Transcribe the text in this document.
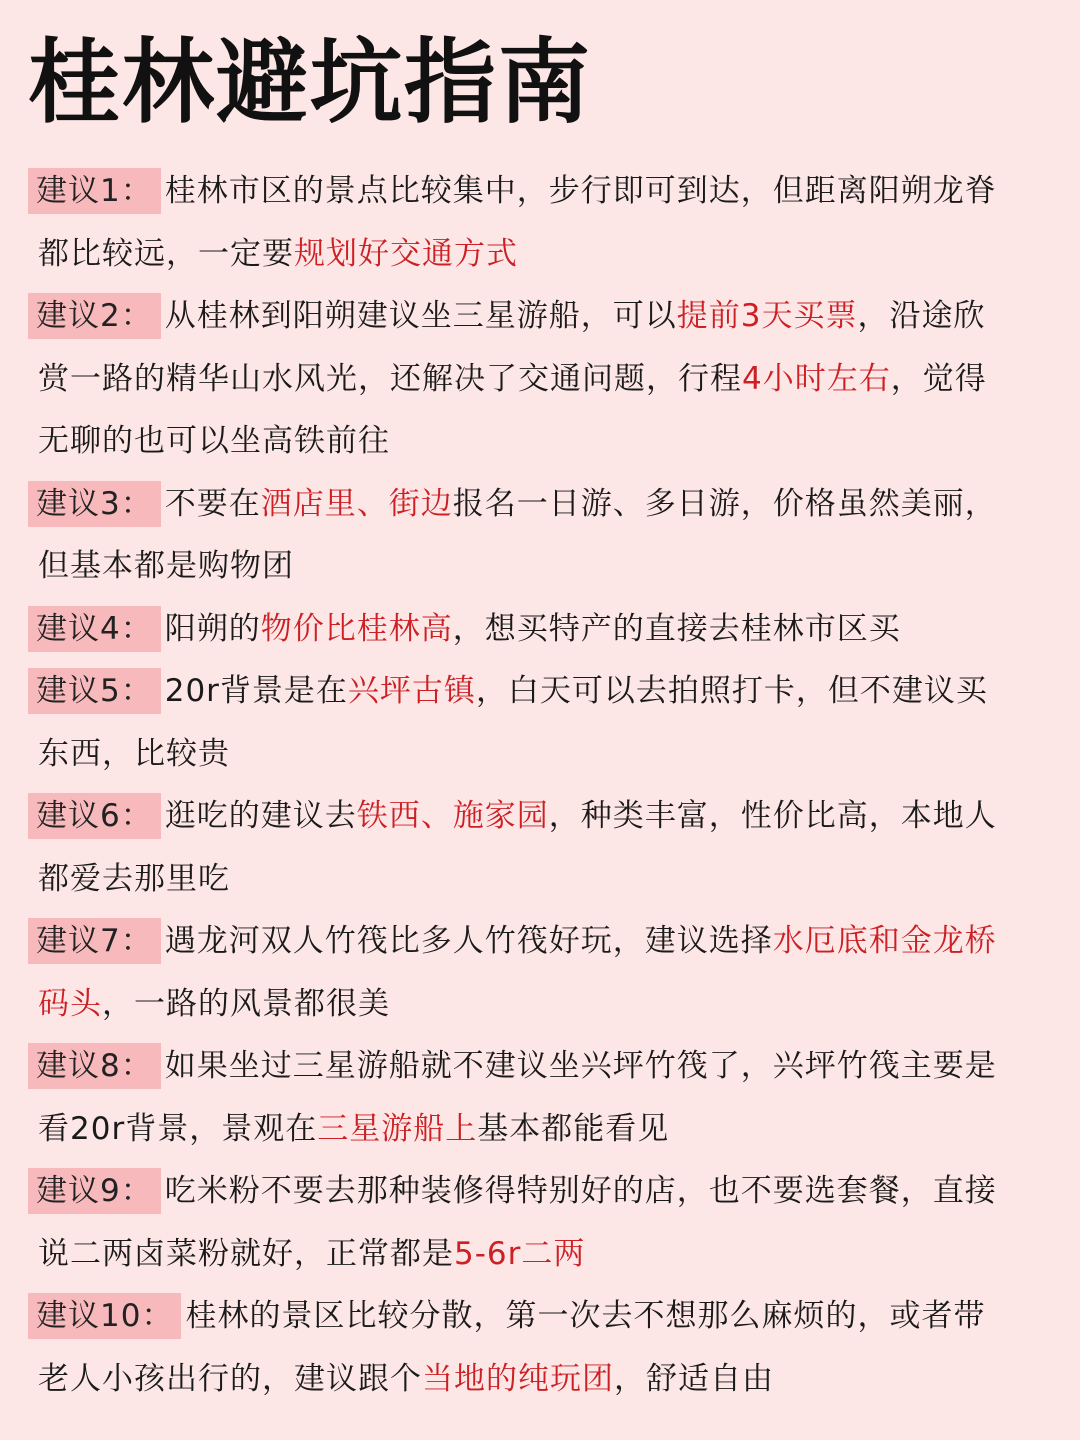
桂林避坑指南
建议1： 桂林市区的景点比较集中，步行即可到达，但距离阳朔龙脊
都比较远，一定要规划好交通方式
建议2： 从桂林到阳朔建议坐三星游船，可以提前3天买票，沿途欣
赏一路的精华山水风光，还解决了交通问题，行程4小时左右，觉得
无聊的也可以坐高铁前往
建议3： 不要在酒店里、街边报名一日游、多日游，价格虽然美丽，
但基本都是购物团
建议4： 阳朔的物价比桂林高，想买特产的直接去桂林市区买
建议5： 20r背景是在兴坪古镇，白天可以去拍照打卡，但不建议买
东西，比较贵
建议6： 逛吃的建议去铁西、施家园，种类丰富，性价比高，本地人
都爱去那里吃
建议7： 遇龙河双人竹筏比多人竹筏好玩，建议选择水厄底和金龙桥
码头，一路的风景都很美
建议8： 如果坐过三星游船就不建议坐兴坪竹筏了，兴坪竹筏主要是
看20r背景，景观在三星游船上基本都能看见
建议9： 吃米粉不要去那种装修得特别好的店，也不要选套餐，直接
说二两卤菜粉就好，正常都是5-6r二两
建议10： 桂林的景区比较分散，第一次去不想那么麻烦的，或者带
老人小孩出行的，建议跟个当地的纯玩团，舒适自由
